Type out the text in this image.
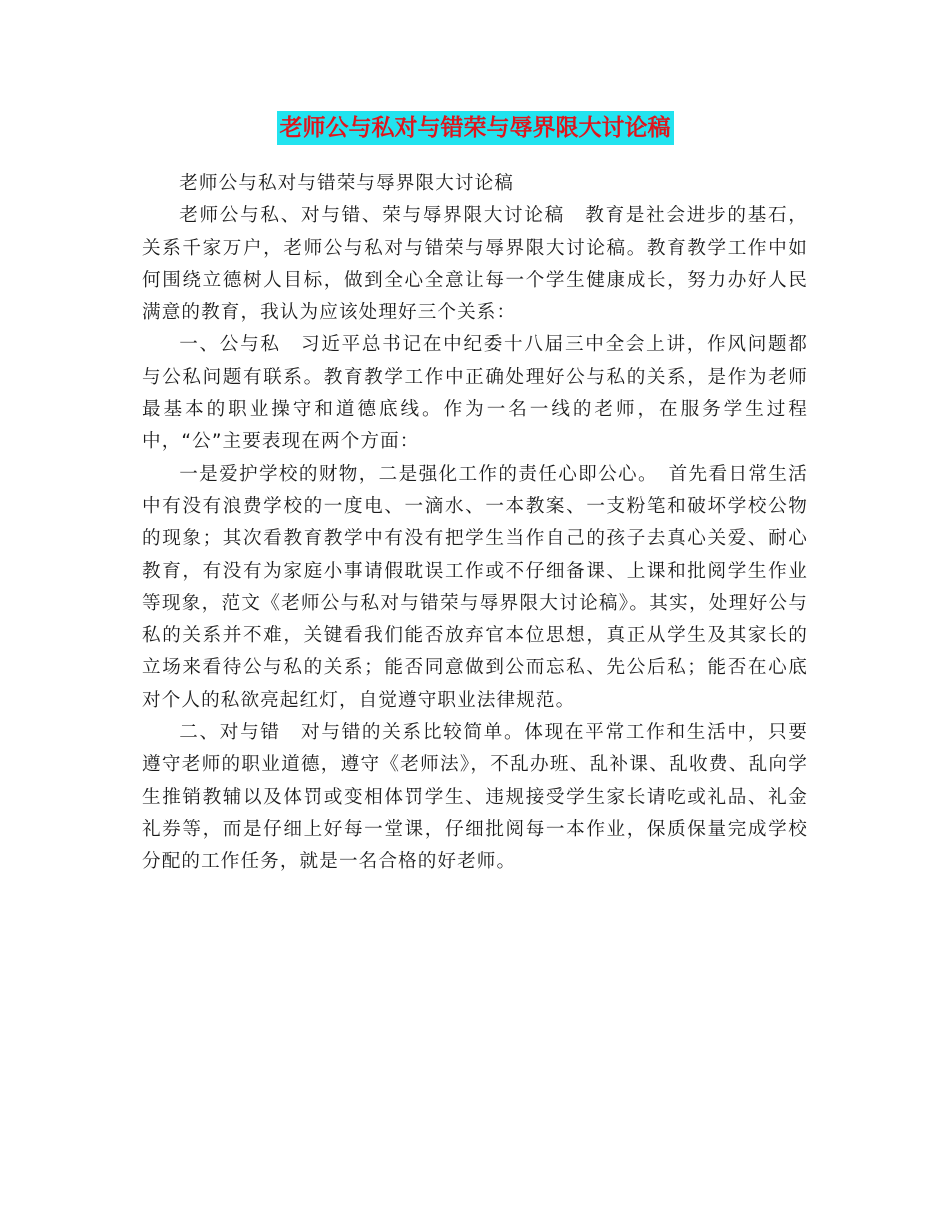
老师公与私对与错荣与辱界限大讨论稿

老师公与私对与错荣与辱界限大讨论稿

老师公与私、对与错、荣与辱界限大讨论稿　教育是社会进步的基石，关系千家万户，老师公与私对与错荣与辱界限大讨论稿。教育教学工作中如何围绕立德树人目标，做到全心全意让每一个学生健康成长，努力办好人民满意的教育，我认为应该处理好三个关系：

一、公与私　习近平总书记在中纪委十八届三中全会上讲，作风问题都与公私问题有联系。教育教学工作中正确处理好公与私的关系，是作为老师最基本的职业操守和道德底线。作为一名一线的老师，在服务学生过程中，“公”主要表现在两个方面：

一是爱护学校的财物，二是强化工作的责任心即公心。　首先看日常生活中有没有浪费学校的一度电、一滴水、一本教案、一支粉笔和破坏学校公物的现象；其次看教育教学中有没有把学生当作自己的孩子去真心关爱、耐心教育，有没有为家庭小事请假耽误工作或不仔细备课、上课和批阅学生作业等现象，范文《老师公与私对与错荣与辱界限大讨论稿》。其实，处理好公与私的关系并不难，关键看我们能否放弃官本位思想，真正从学生及其家长的立场来看待公与私的关系；能否同意做到公而忘私、先公后私；能否在心底对个人的私欲亮起红灯，自觉遵守职业法律规范。

二、对与错　对与错的关系比较简单。体现在平常工作和生活中，只要遵守老师的职业道德，遵守《老师法》，不乱办班、乱补课、乱收费、乱向学生推销教辅以及体罚或变相体罚学生、违规接受学生家长请吃或礼品、礼金礼券等，而是仔细上好每一堂课，仔细批阅每一本作业，保质保量完成学校分配的工作任务，就是一名合格的好老师。
